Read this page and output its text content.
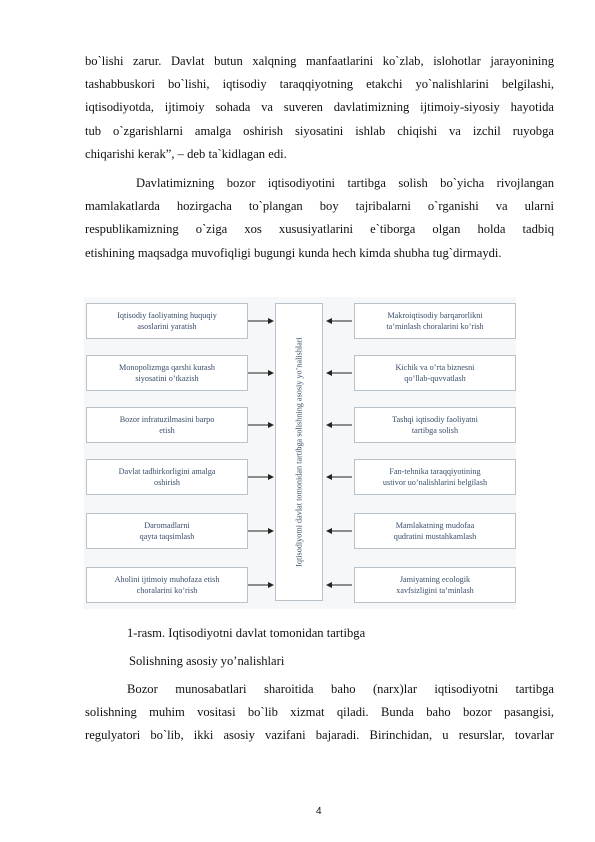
bo`lishi zarur. Davlat butun xalqning manfaatlarini ko`zlab, islohotlar jarayonining
tashabbuskori bo`lishi, iqtisodiy taraqqiyotning etakchi yo`nalishlarini belgilashi,
iqtisodiyotda, ijtimoiy sohada va suveren davlatimizning ijtimoiy-siyosiy hayotida
tub o`zgarishlarni amalga oshirish siyosatini ishlab chiqishi va izchil ruyobga
chiqarishi kerak”, – deb ta`kidlagan edi.
Davlatimizning bozor iqtisodiyotini tartibga solish bo`yicha rivojlangan
mamlakatlarda hozirgacha to`plangan boy tajribalarni o`rganishi va ularni
respublikamizning o`ziga xos xususiyatlarini e`tiborga olgan holda tadbiq
etishining maqsadga muvofiqligi bugungi kunda hech kimda shubha tug`dirmaydi.
Iqtisodiyotni davlat tomonidan tartibga solishning asosiy yo’nalishlari
Iqtisodiy faoliyatning huquqiy
asoslarini yaratish
Monopolizmga qarshi kurash
siyosatini o’tkazish
Bozor infratuzilmasini barpo
etish
Davlat tadbirkorligini amalga
oshirish
Daromadlarni
qayta taqsimlash
Aholini ijtimoiy muhofaza etish
choralarini ko’rish
Makroiqtisodiy barqarorlikni
ta’minlash choralarini ko’rish
Kichik va o’rta biznesni
qo’llab-quvvatlash
Tashqi iqtisodiy faoliyatni
tartibga solish
Fan-tehnika taraqqiyotining
ustivor uo’nalishlarini belgilash
Mamlakatning mudofaa
qudratini mustahkamlash
Jamiyatning ecologik
xavfsizligini ta’minlash
1-rasm. Iqtisodiyotni davlat tomonidan tartibga
Solishning asosiy yo’nalishlari
Bozor munosabatlari sharoitida baho (narx)lar iqtisodiyotni tartibga
solishning muhim vositasi bo`lib xizmat qiladi. Bunda baho bozor pasangisi,
regulyatori bo`lib, ikki asosiy vazifani bajaradi. Birinchidan, u resurslar, tovarlar
4
